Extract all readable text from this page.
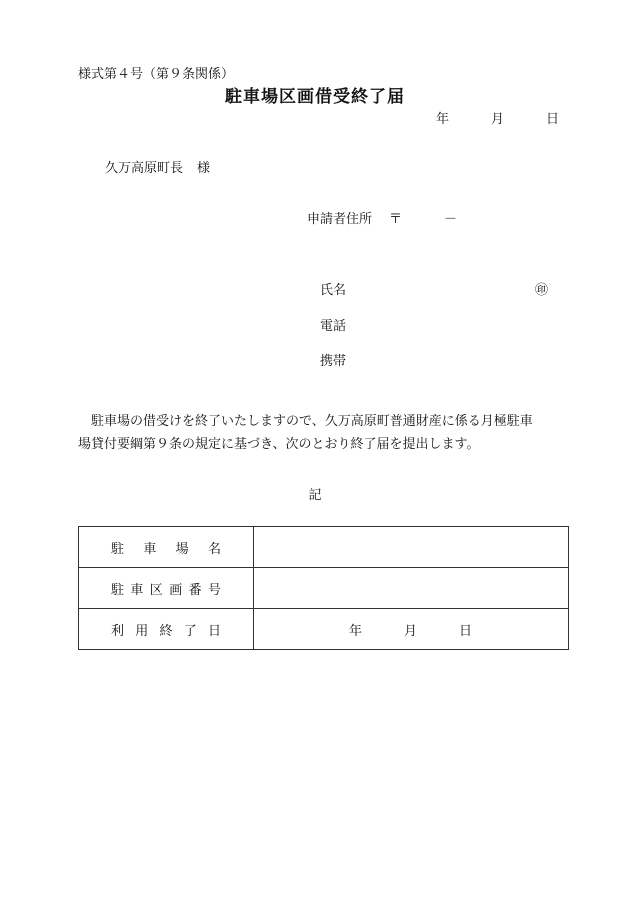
様式第４号（第９条関係）
駐車場区画借受終了届
年	月	日
久万高原町長 様
申請者住所 〒	－
氏名	㊞
電話
携帯

駐車場の借受けを終了いたしますので、久万高原町普通財産に係る月極駐車

場貸付要綱第９条の規定に基づき、次のとおり終了届を提出します。

記
駐車場名	
駐車区画番号	
利用終了日	年 月 日
